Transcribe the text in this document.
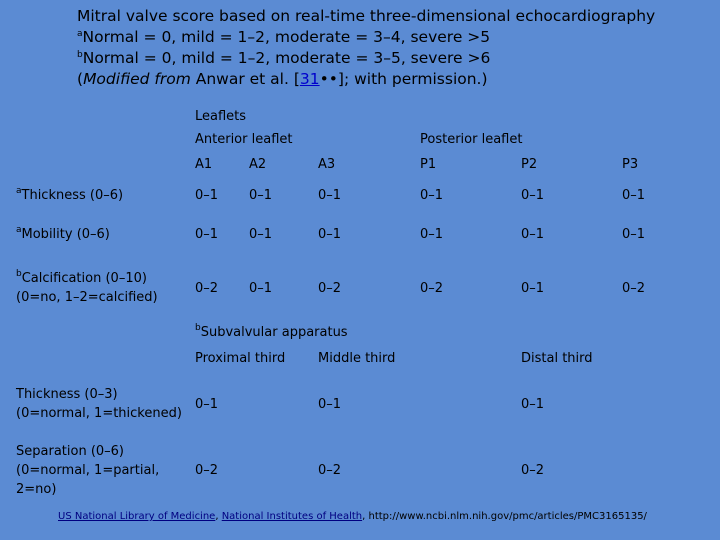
Mitral valve score based on real-time three-dimensional echocardiography
$^a$Normal = 0, mild = 1–2, moderate = 3–4, severe >5
$^b$Normal = 0, mild = 1–2, moderate = 3–5, severe >6
(Modified from Anwar et al. [31••]; with permission.)
Leaflets
Anterior leaflet	Posterior leaflet
A1	A2	A3	P1	P2	P3
$^a$Thickness (0–6)	0–1 0–1	0–1	0–1	0–1	0–1
$^a$Mobility (0–6)	0–1 0–1	0–1	0–1	0–1	0–1
$^b$Calcification (0–10)
(0=no, 1–2=calcified)
0–2 0–1	0–2	0–2	0–1	0–2
$^b$Subvalvular apparatus
Proximal third	Middle third	Distal third
Thickness (0–3)
(0=normal, 1=thickened)
0–1	0–1	0–1
Separation (0–6)
(0=normal, 1=partial,
2=no)
0–2	0–2	0–2
US National Library of Medicine, National Institutes of Health, http://www.ncbi.nlm.nih.gov/pmc/articles/PMC3165135/
